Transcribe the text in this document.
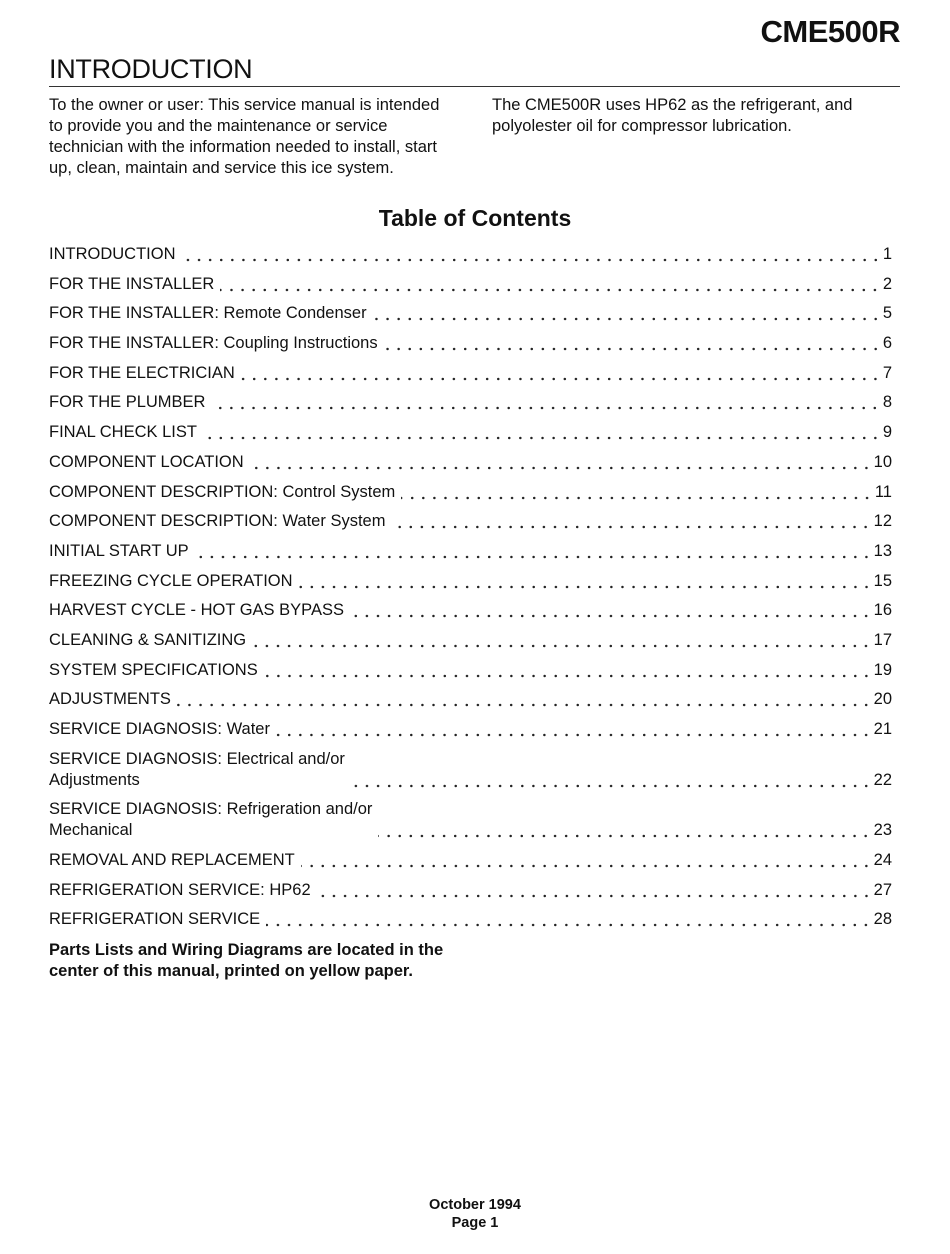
CME500R
INTRODUCTION
To the owner or user: This service manual is intended to provide you and the maintenance or service technician with the information needed to install, start up, clean, maintain and service this ice system.
The CME500R uses HP62 as the refrigerant, and polyolester oil for compressor lubrication.
Table of Contents
INTRODUCTION	1
FOR THE INSTALLER	2
FOR THE INSTALLER: Remote Condenser	5
FOR THE INSTALLER: Coupling Instructions	6
FOR THE ELECTRICIAN	7
FOR THE PLUMBER	8
FINAL CHECK LIST	9
COMPONENT LOCATION	10
COMPONENT DESCRIPTION: Control System	11
COMPONENT DESCRIPTION: Water System	12
INITIAL START UP	13
FREEZING CYCLE OPERATION	15
HARVEST CYCLE - HOT GAS BYPASS	16
CLEANING & SANITIZING	17
SYSTEM SPECIFICATIONS	19
ADJUSTMENTS	20
SERVICE DIAGNOSIS: Water	21
SERVICE DIAGNOSIS: Electrical and/or
Adjustments	22
SERVICE DIAGNOSIS: Refrigeration and/or
Mechanical	23
REMOVAL AND REPLACEMENT	24
REFRIGERATION SERVICE: HP62	27
REFRIGERATION SERVICE	28
Parts Lists and Wiring Diagrams are located in the center of this manual, printed on yellow paper.
October 1994
Page 1
